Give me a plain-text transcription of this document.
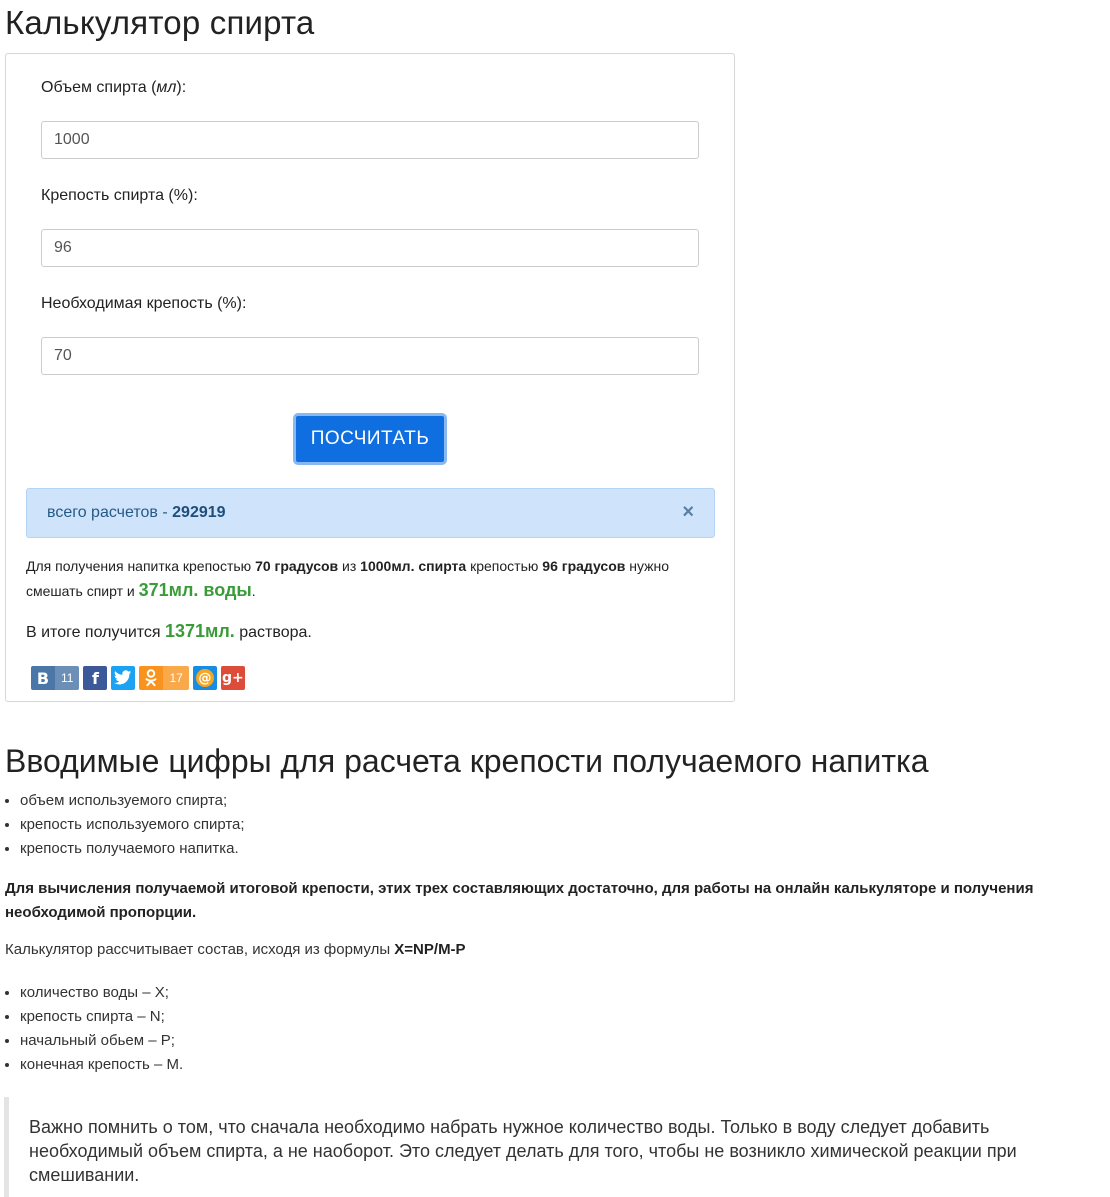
Калькулятор спирта
Объем спирта (мл):
1000
Крепость спирта (%):
96
Необходимая крепость (%):
70
ПОСЧИТАТЬ
всего расчетов - 292919	×
Для получения напитка крепостью 70 градусов из 1000мл. спирта крепостью 96 градусов нужно смешать спирт и 371мл. воды.
В итоге получится 1371мл. раствора.
В 11	f	17	@ g+
Вводимые цифры для расчета крепости получаемого напитка
• объем используемого спирта;
• крепость используемого спирта;
• крепость получаемого напитка.

Для вычисления получаемой итоговой крепости, этих трех составляющих достаточно, для работы на онлайн калькуляторе и получения необходимой пропорции.

Калькулятор рассчитывает состав, исходя из формулы X=NP/M-P

• количество воды – X;
• крепость спирта – N;
• начальный обьем – P;
• конечная крепость – M.
Важно помнить о том, что сначала необходимо набрать нужное количество воды. Только в воду следует добавить необходимый объем спирта, а не наоборот. Это следует делать для того, чтобы не возникло химической реакции при смешивании.
